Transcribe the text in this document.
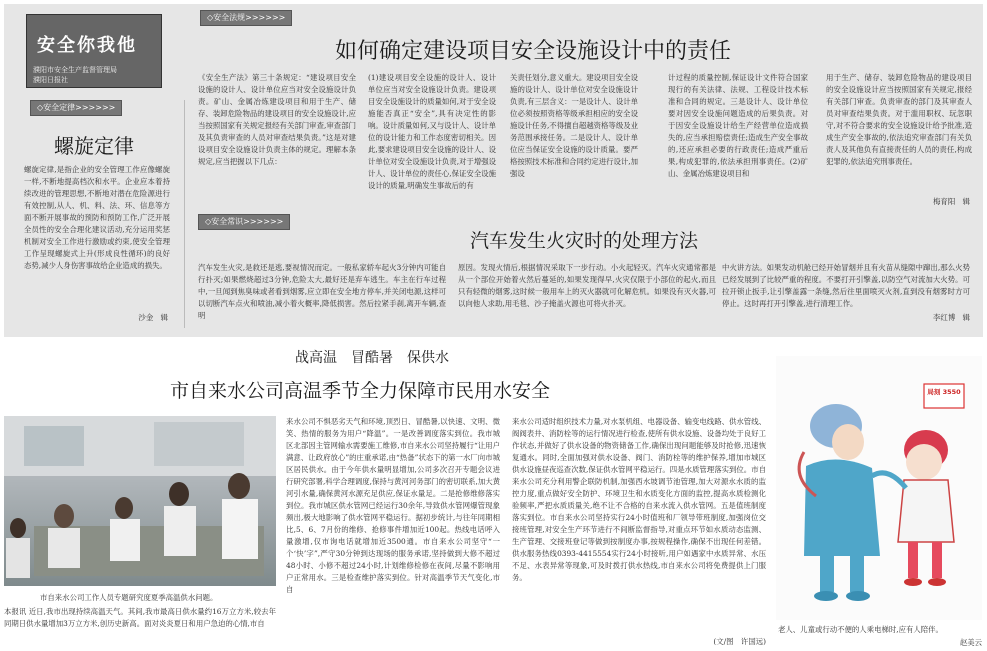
安全你我他
濮阳市安全生产监督管理局
濮阳日报社
◇安全法规>>>>>>
如何确定建设项目安全设施设计中的责任
《安全生产法》第三十条规定：“建设项目安全设施的设计人、设计单位应当对安全设施设计负责。矿山、金属冶炼建设项目和用于生产、储存、装卸危险物品的建设项目的安全设施设计,应当按照国家有关规定报经有关部门审查,审查部门及其负责审查的人员对审查结果负责。”这是对建设项目安全设施设计负责主体的规定。理解本条规定,应当把握以下几点：
(1)建设项目安全设施的设计人、设计单位应当对安全设施设计负责。建设项目安全设施设计的质量如何,对于安全设施能否真正“安全”,具有决定性的影响。设计质量如何,又与设计人、设计单位的设计能力和工作态度密切相关。因此,要求建设项目安全设施的设计人、设计单位对安全设施设计负责,对于增强设计人、设计单位的责任心,保证安全设施设计的质量,明确发生事故后的有
关责任划分,意义重大。建设项目安全设施的设计人、设计单位对安全设施设计负责,有三层含义：一是设计人、设计单位必须按照资格等级承担相应的安全设施设计任务,不得擅自超越资格等级及业务范围承接任务。二是设计人、设计单位应当保证安全设施的设计质量。要严格按照技术标准和合同约定进行设计,加强设
计过程的质量控制,保证设计文件符合国家现行的有关法律、法规、工程设计技术标准和合同的规定。三是设计人、设计单位要对因安全设施问题造成的后果负责。对于因安全设施设计给生产经营单位造成损失的,应当承担赔偿责任;造成生产安全事故的,还应承担必要的行政责任;造成严重后果,构成犯罪的,依法承担刑事责任。(2)矿山、金属冶炼建设项目和
用于生产、储存、装卸危险物品的建设项目的安全设施设计应当按照国家有关规定,报经有关部门审查。负责审查的部门及其审查人员对审查结果负责。对于滥用职权、玩忽职守,对不符合要求的安全设施设计给予批准,造成生产安全事故的,依法追究审查部门有关负责人及其他负有直接责任的人员的责任,构成犯罪的,依法追究刑事责任。
梅育阳　辑
◇安全定律>>>>>>
螺旋定律
螺旋定律,是指企业的安全管理工作应像螺旋一样,不断地提高档次和水平。企业应本着持续改进的管理思想,不断地对潜在危险源进行有效控制,从人、机、料、法、环、信息等方面不断开展事故的预防和预防工作,广泛开展全员性的安全合理化建议活动,充分运用奖惩机制对安全工作进行激励或约束,使安全管理工作呈现螺旋式上升(形成良性循环)的良好态势,减少人身伤害事故给企业造成的损失。
沙金　辑
◇安全常识>>>>>>
汽车发生火灾时的处理方法
汽车发生火灾,是救还是逃,要视情况而定。一般私家轿车起火3分钟内可能自行扑灭;如果燃烧超过3分钟,危险太大,最好还是弃车逃生。车主在行车过程中,一旦闻到焦臭味或者看到烟雾,应立即在安全地方停车,并关闭电源,这样可以切断汽车点火和喷油,减小着火概率,降低损害。然后拉紧手刹,离开车辆,查明
原因。发现火情后,根据情况采取下一步行动。小火起轻灭。汽车火灾通常都是从一个部位开始着火然后蔓延的,如果发现得早,火灾仅限于小部位的起火,而且只有轻微的烟雾,这时候一般用车上的灭火器就可化解危机。如果没有灭火器,可以向他人求助,用毛毯、沙子掩盖火源也可将火扑灭。
中火讲方法。如果发动机舱已经开始冒烟并且有火苗从缝隙中蹿出,那么火势已经发展到了比较严重的程度。不要打开引擎盖,以防空气对流加大火势。可拉开锁止扳手,让引擎盖露一条缝,然后往里面喷灭火剂,直到没有烟雾时方可停止。这时再打开引擎盖,进行清理工作。
李红博　辑
战高温　冒酷暑　保供水
市自来水公司高温季节全力保障市民用水安全
市自来水公司工作人员专题研究度夏季高温供水问题。
本报讯 近日,我市出现持续高温天气。其间,我市最高日供水量约16万立方米,较去年同期日供水量增加3万立方米,创历史新高。面对炎炎夏日和用户急迫的心情,市自
来水公司不惧恶劣天气和环境,顶烈日、冒酷暑,以快速、文明、微笑、热情的服务为用户“降温”。一是改善调度落实到位。我市城区北部因主管网输水需要施工维修,市自来水公司坚持履行“让用户满意、让政府放心”的庄重承诺,由“热备”状态下的第一水厂向市城区居民供水。由于今年供水量明显增加,公司多次召开专题会议进行研究部署,科学合理调度,保持与黄河河务部门的密切联系,加大黄河引水量,确保黄河水源充足供应,保证水量足。二是抢修维修落实到位。我市城区供水管网已经运行30余年,导致供水管网爆管现象频出,极大地影响了供水管网平稳运行。据初步统计,与往年同期相比,5、6、7月份的维修、抢修事件增加近100起。热线电话呼入量激增,仅市询电话就增加近3500通。市自来水公司坚守“一个‘快’字”,严守30分钟到达现场的服务承诺,坚持做到大修不超过48小时、小修不超过24小时,计划维修检修在夜间,尽量不影响用户正常用水。三是检查维护落实到位。针对高温季节天气变化,市自
来水公司适时组织技术力量,对水泵机组、电器设备、输变电线路、供水管线、阀阀表井、消防栓等的运行情况进行检查,使所有供水设施、设备均处于良好工作状态,并做好了供水设备的物资储备工作,确保出现问题能够及时抢修,迅速恢复通水。同时,全面加强对供水设备、阀门、消防栓等的维护保养,增加市城区供水设施昼夜巡查次数,保证供水管网平稳运行。四是水质管理落实到位。市自来水公司充分利用警企联防机制,加强西水坡调节池管理,加大对源水水质的监控力度,重点做好安全防护、环境卫生和水质变化方面的监控,提高水质检测化验频率,严把水质质量关,绝不让不合格的自来水流入供水管网。五是值班制度落实到位。市自来水公司坚持实行24小时值班和厂领导带班制度,加强岗位交接班管理,对安全生产环节进行不间断监督指导,对重点环节如水质动态监测、生产管理、交接班登记等做到按制度办事,按规程操作,确保不出现任何差错。供水服务热线0393-4415554实行24小时接听,用户如遇家中水质异常、水压不足、水表异常等现象,可及时拨打供水热线,市自来水公司将免费提供上门服务。
(文/图　许国远)
局刻 3550
老人、儿童或行动不便的人乘电梯时,应有人陪伴。
赵美云
